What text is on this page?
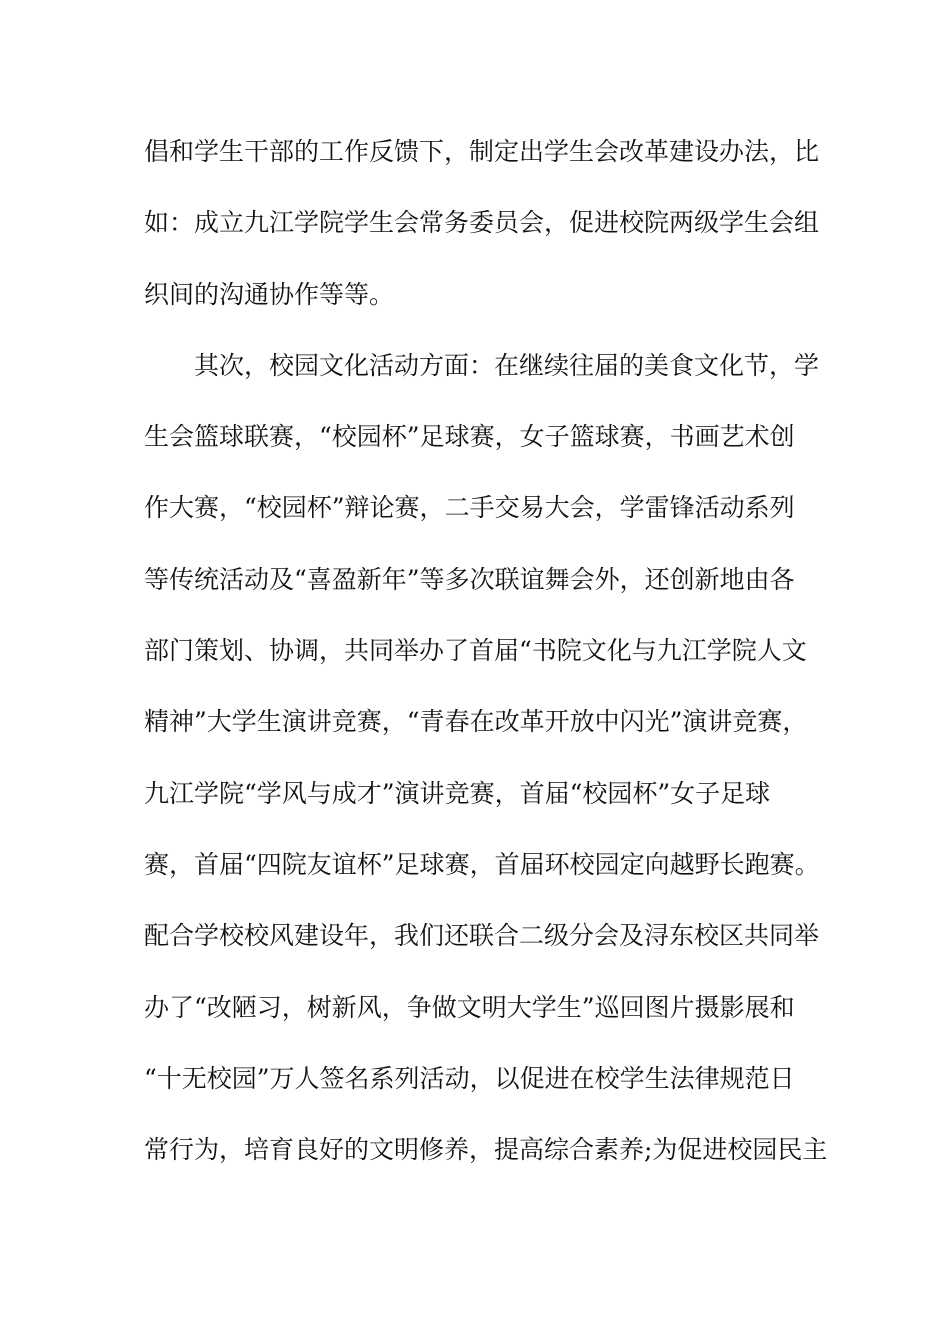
倡和学生干部的工作反馈下，制定出学生会改革建设办法，比
如：成立九江学院学生会常务委员会，促进校院两级学生会组
织间的沟通协作等等。
其次，校园文化活动方面：在继续往届的美食文化节，学
生会篮球联赛，“校园杯”足球赛，女子篮球赛，书画艺术创
作大赛，“校园杯”辩论赛，二手交易大会，学雷锋活动系列
等传统活动及“喜盈新年”等多次联谊舞会外，还创新地由各
部门策划、协调，共同举办了首届“书院文化与九江学院人文
精神”大学生演讲竞赛，“青春在改革开放中闪光”演讲竞赛，
九江学院“学风与成才”演讲竞赛，首届“校园杯”女子足球
赛，首届“四院友谊杯”足球赛，首届环校园定向越野长跑赛。
配合学校校风建设年，我们还联合二级分会及浔东校区共同举
办了“改陋习，树新风，争做文明大学生”巡回图片摄影展和
“十无校园”万人签名系列活动，以促进在校学生法律规范日
常行为，培育良好的文明修养，提高综合素养;为促进校园民主
